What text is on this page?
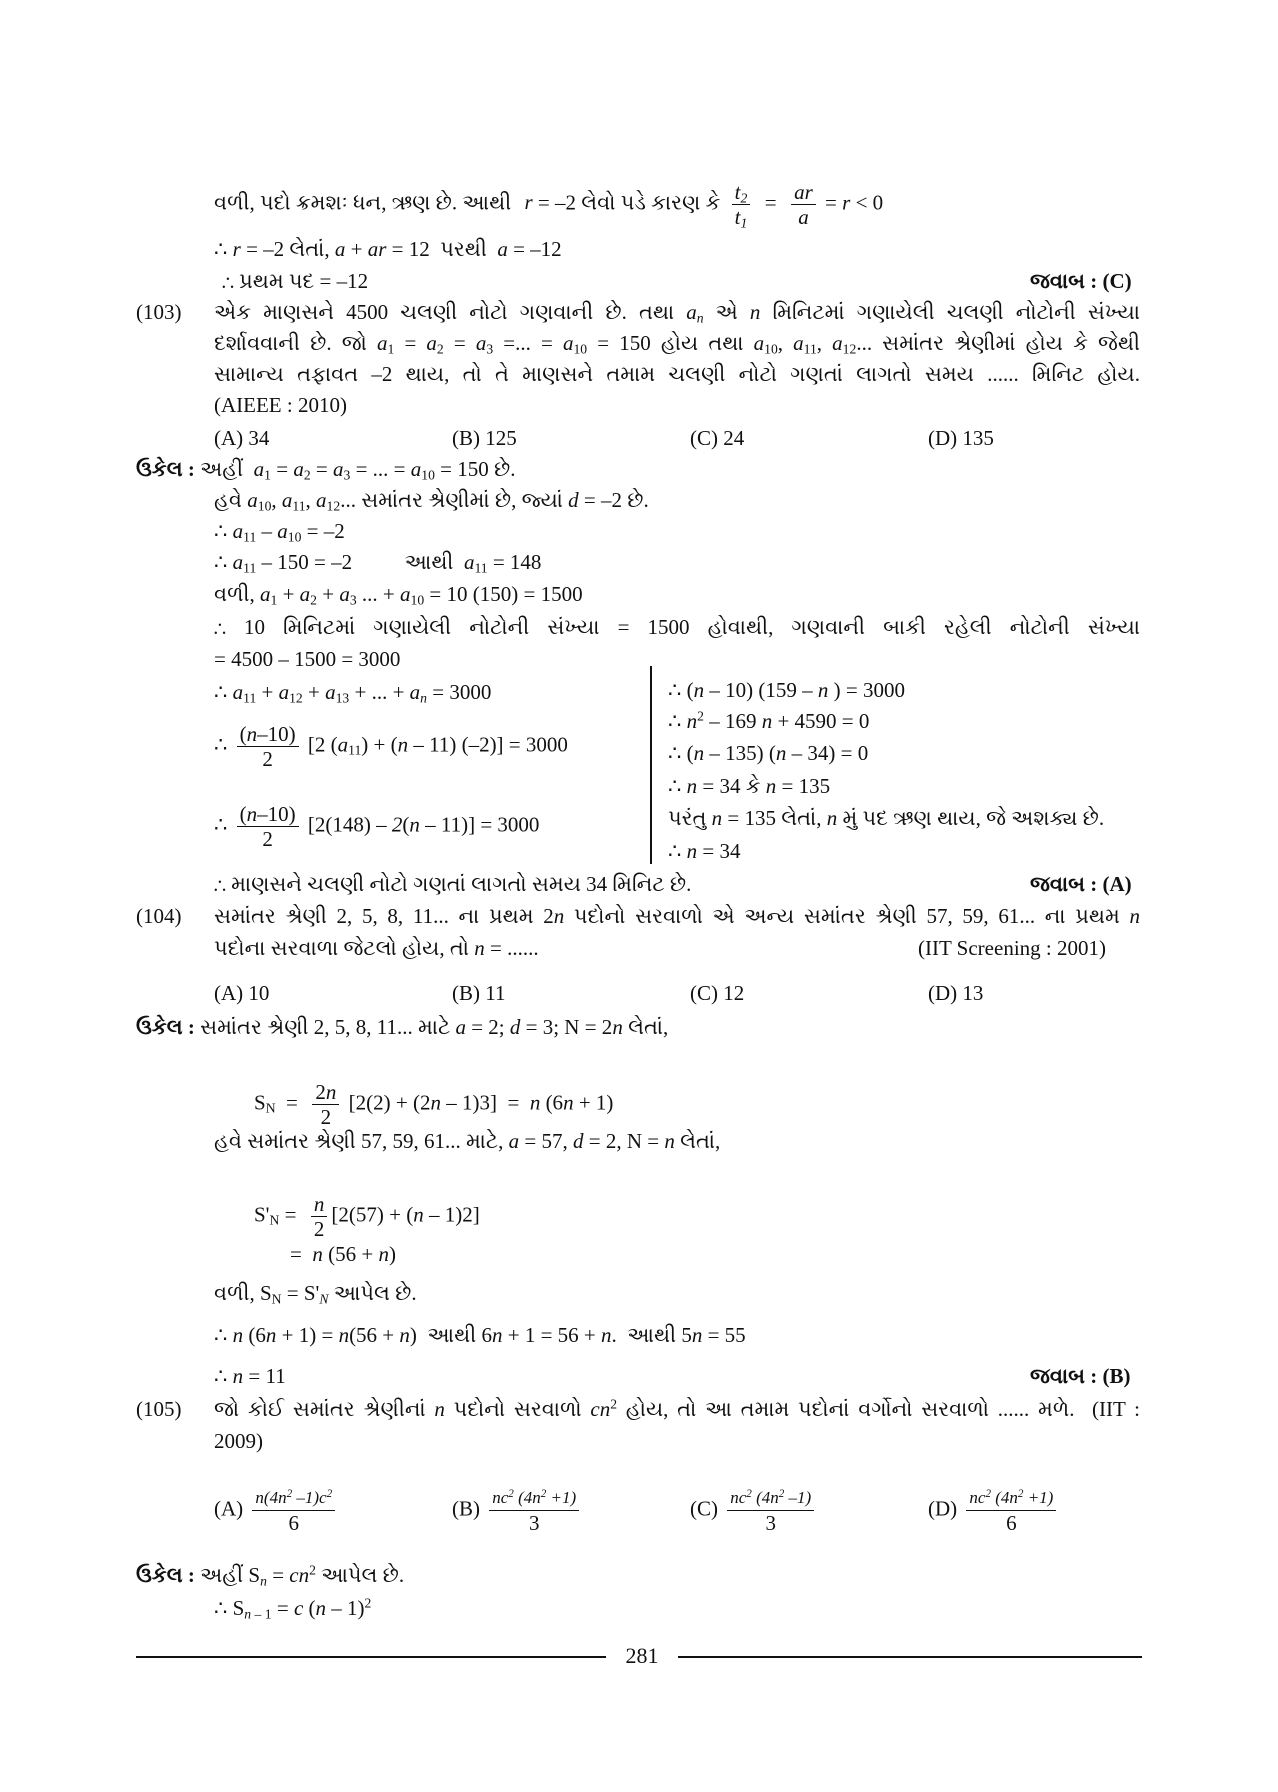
વળી, પદો ક્રમશઃ ધન, ઋણ છે. આથી r = –2 લેવો પડે કારણ કે $\frac{t_2}{t_1} = \frac{ar}{a} = r < 0$
∴ r = –2 લેતાં, a + ar = 12  પરથી  a = –12
∴ પ્રથમ પદ = –12	જવાબ : (C)
(103) એક માણસને 4500 ચલણી નોટો ગણવાની છે. તથા $a_n$ એ n મિનિટમાં ગણાયેલી ચલણી નોટોની સંખ્યા
દર્શાવવાની છે. જો $a_1 = a_2 = a_3$ =... = $a_{10} = 150$ હોય તથા $a_{10}$, $a_{11}$, $a_{12}$... સમાંતર શ્રેણીમાં હોય કે જેથી
સામાન્ય તફાવત –2 થાય, તો તે માણસને તમામ ચલણી નોટો ગણતાં લાગતો સમય ...... મિનિટ હોય.
(AIEEE : 2010)
(A) 34	(B) 125	(C) 24	(D) 135
ઉકેલ : અહીં  $a_1 = a_2 = a_3$ = ... = $a_{10} = 150$ છે.
હવે $a_{10}$, $a_{11}$, $a_{12}$... સમાંતર શ્રેણીમાં છે, જ્યાં d = –2 છે.
∴ $a_{11} - a_{10} = -2$
∴ $a_{11} - 150 = -2$          આથી  $a_{11} = 148$
વળી, $a_1 + a_2 + a_3$ ... + $a_{10} = 10$ (150) = 1500
∴ 10 મિનિટમાં ગણાયેલી નોટોની સંખ્યા = 1500 હોવાથી, ગણવાની બાકી રહેલી નોટોની સંખ્યા
= 4500 – 1500 = 3000
∴ $a_{11} + a_{12} + a_{13}$ + ... + $a_n = 3000$
∴ $\frac{(n-10)}{2} [2$ $(a_{11}) + (n - 11) (-2)] = 3000$
∴ $\frac{(n-10)}{2} [2(148) - 2(n - 11)] = 3000$
∴ (n – 10) (159 – n ) = 3000
∴ $n^2 - 169$ n + 4590 = 0
∴ (n – 135) (n – 34) = 0
∴ n = 34 કે n = 135
પરંતુ n = 135 લેતાં, n મું પદ ઋણ થાય, જે અશક્ય છે.
∴ n = 34
∴ માણસને ચલણી નોટો ગણતાં લાગતો સમય 34 મિનિટ છે.	જવાબ : (A)
(104) સમાંતર શ્રેણી 2, 5, 8, 11... ના પ્રથમ 2n પદોનો સરવાળો એ અન્ય સમાંતર શ્રેણી 57, 59, 61... ના પ્રથમ n
પદોના સરવાળા જેટલો હોય, તો n = ......	(IIT Screening : 2001)
(A) 10	(B) 11	(C) 12	(D) 13
ઉકેલ : સમાંતર શ્રેણી 2, 5, 8, 11... માટે a = 2; d = 3; N = 2n લેતાં,
$S_N = \frac{2n}{2} [2(2) + (2n - 1)3] = n$ (6n + 1)
હવે સમાંતર શ્રેણી 57, 59, 61... માટે, a = 57, d = 2, N = n લેતાં,
$S'_N = \frac{n}{2} [2(57) + (n - 1)2]$
=  n (56 + n)
વળી, $S_N = S'_N$ આપેલ છે.
∴ n (6n + 1) = n(56 + n)  આથી 6n + 1 = 56 + n.  આથી 5n = 55
∴ n = 11	જવાબ : (B)
(105) જો કોઈ સમાંતર શ્રેણીનાં n પદોનો સરવાળો $cn^2$ હોય, તો આ તમામ પદોનાં વર્ગોનો સરવાળો ...... મળે.  (IIT :
2009)
$(A) \frac{n(4n^2 -1)c^2}{6}$	$(B) \frac{nc^2 (4n^2 +1)}{3}$	$(C) \frac{nc^2 (4n^2 -1)}{3}$	$(D) \frac{nc^2 (4n^2 +1)}{6}$
ઉકેલ : અહીં $S_n = cn^2$ આપેલ છે.
∴ $S_{n - 1} = c$ (n – 1)$^2$
281
